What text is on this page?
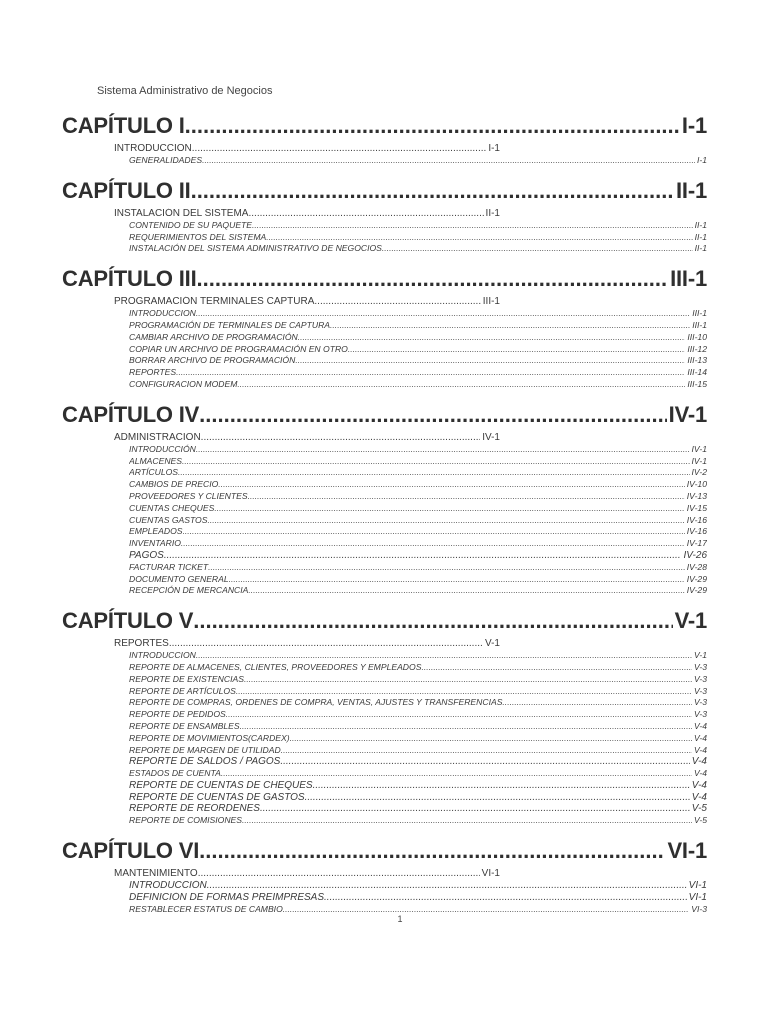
Sistema Administrativo de Negocios
CAPÍTULO I .....	I-1
INTRODUCCION .....	I-1
GENERALIDADES .....	I-1
CAPÍTULO II .....	II-1
INSTALACIÓN DEL SISTEMA .....	II-1
CONTENIDO DE SU PAQUETE .....	II-1
REQUERIMIENTOS DEL SISTEMA .....	II-1
INSTALACIÓN DEL SISTEMA ADMINISTRATIVO DE NEGOCIOS .....	II-1
CAPÍTULO III .....	III-1
PROGRAMACIÓN TERMINALES CAPTURA .....	III-1
INTRODUCCION .....	III-1
PROGRAMACIÓN DE TERMINALES DE CAPTURA .....	III-1
CAMBIAR ARCHIVO DE PROGRAMACIÓN .....	III-10
COPIAR UN ARCHIVO DE PROGRAMACIÓN EN OTRO .....	III-12
BORRAR ARCHIVO DE PROGRAMACIÓN .....	III-13
REPORTES .....	III-14
CONFIGURACION MODEM .....	III-15
CAPÍTULO IV .....	IV-1
ADMINISTRACION .....	IV-1
INTRODUCCIÓN .....	IV-1
ALMACENES .....	IV-1
ARTÍCULOS .....	IV-2
CAMBIOS DE PRECIO .....	IV-10
PROVEEDORES Y CLIENTES .....	IV-13
CUENTAS CHEQUES .....	IV-15
CUENTAS GASTOS .....	IV-16
EMPLEADOS .....	IV-16
INVENTARIO .....	IV-17
PAGOS .....	IV-26
FACTURAR TICKET .....	IV-28
DOCUMENTO GENERAL .....	IV-29
RECEPCIÓN DE MERCANCIA .....	IV-29
CAPÍTULO V .....	V-1
REPORTES .....	V-1
INTRODUCCION .....	V-1
REPORTE DE ALMACENES, CLIENTES, PROVEEDORES Y EMPLEADOS .....	V-3
REPORTE DE EXISTENCIAS .....	V-3
REPORTE DE ARTÍCULOS .....	V-3
REPORTE DE COMPRAS, ORDENES DE COMPRA, VENTAS, AJUSTES Y TRANSFERENCIAS .....	V-3
REPORTE DE PEDIDOS .....	V-3
REPORTE DE ENSAMBLES .....	V-4
REPORTE DE MOVIMIENTOS(CARDEX) .....	V-4
REPORTE DE MARGEN DE UTILIDAD .....	V-4
REPORTE DE SALDOS / PAGOS .....	V-4
ESTADOS DE CUENTA .....	V-4
REPORTE DE CUENTAS DE CHEQUES .....	V-4
REPORTE DE CUENTAS DE GASTOS .....	V-4
REPORTE DE REORDENES .....	V-5
REPORTE DE COMISIONES .....	V-5
CAPÍTULO VI .....	VI-1
MANTENIMIENTO .....	VI-1
INTRODUCCIÓN .....	VI-1
DEFINICIÓN DE FORMAS PREIMPRESAS .....	VI-1
RESTABLECER ESTATUS DE CAMBIO .....	VI-3
1
